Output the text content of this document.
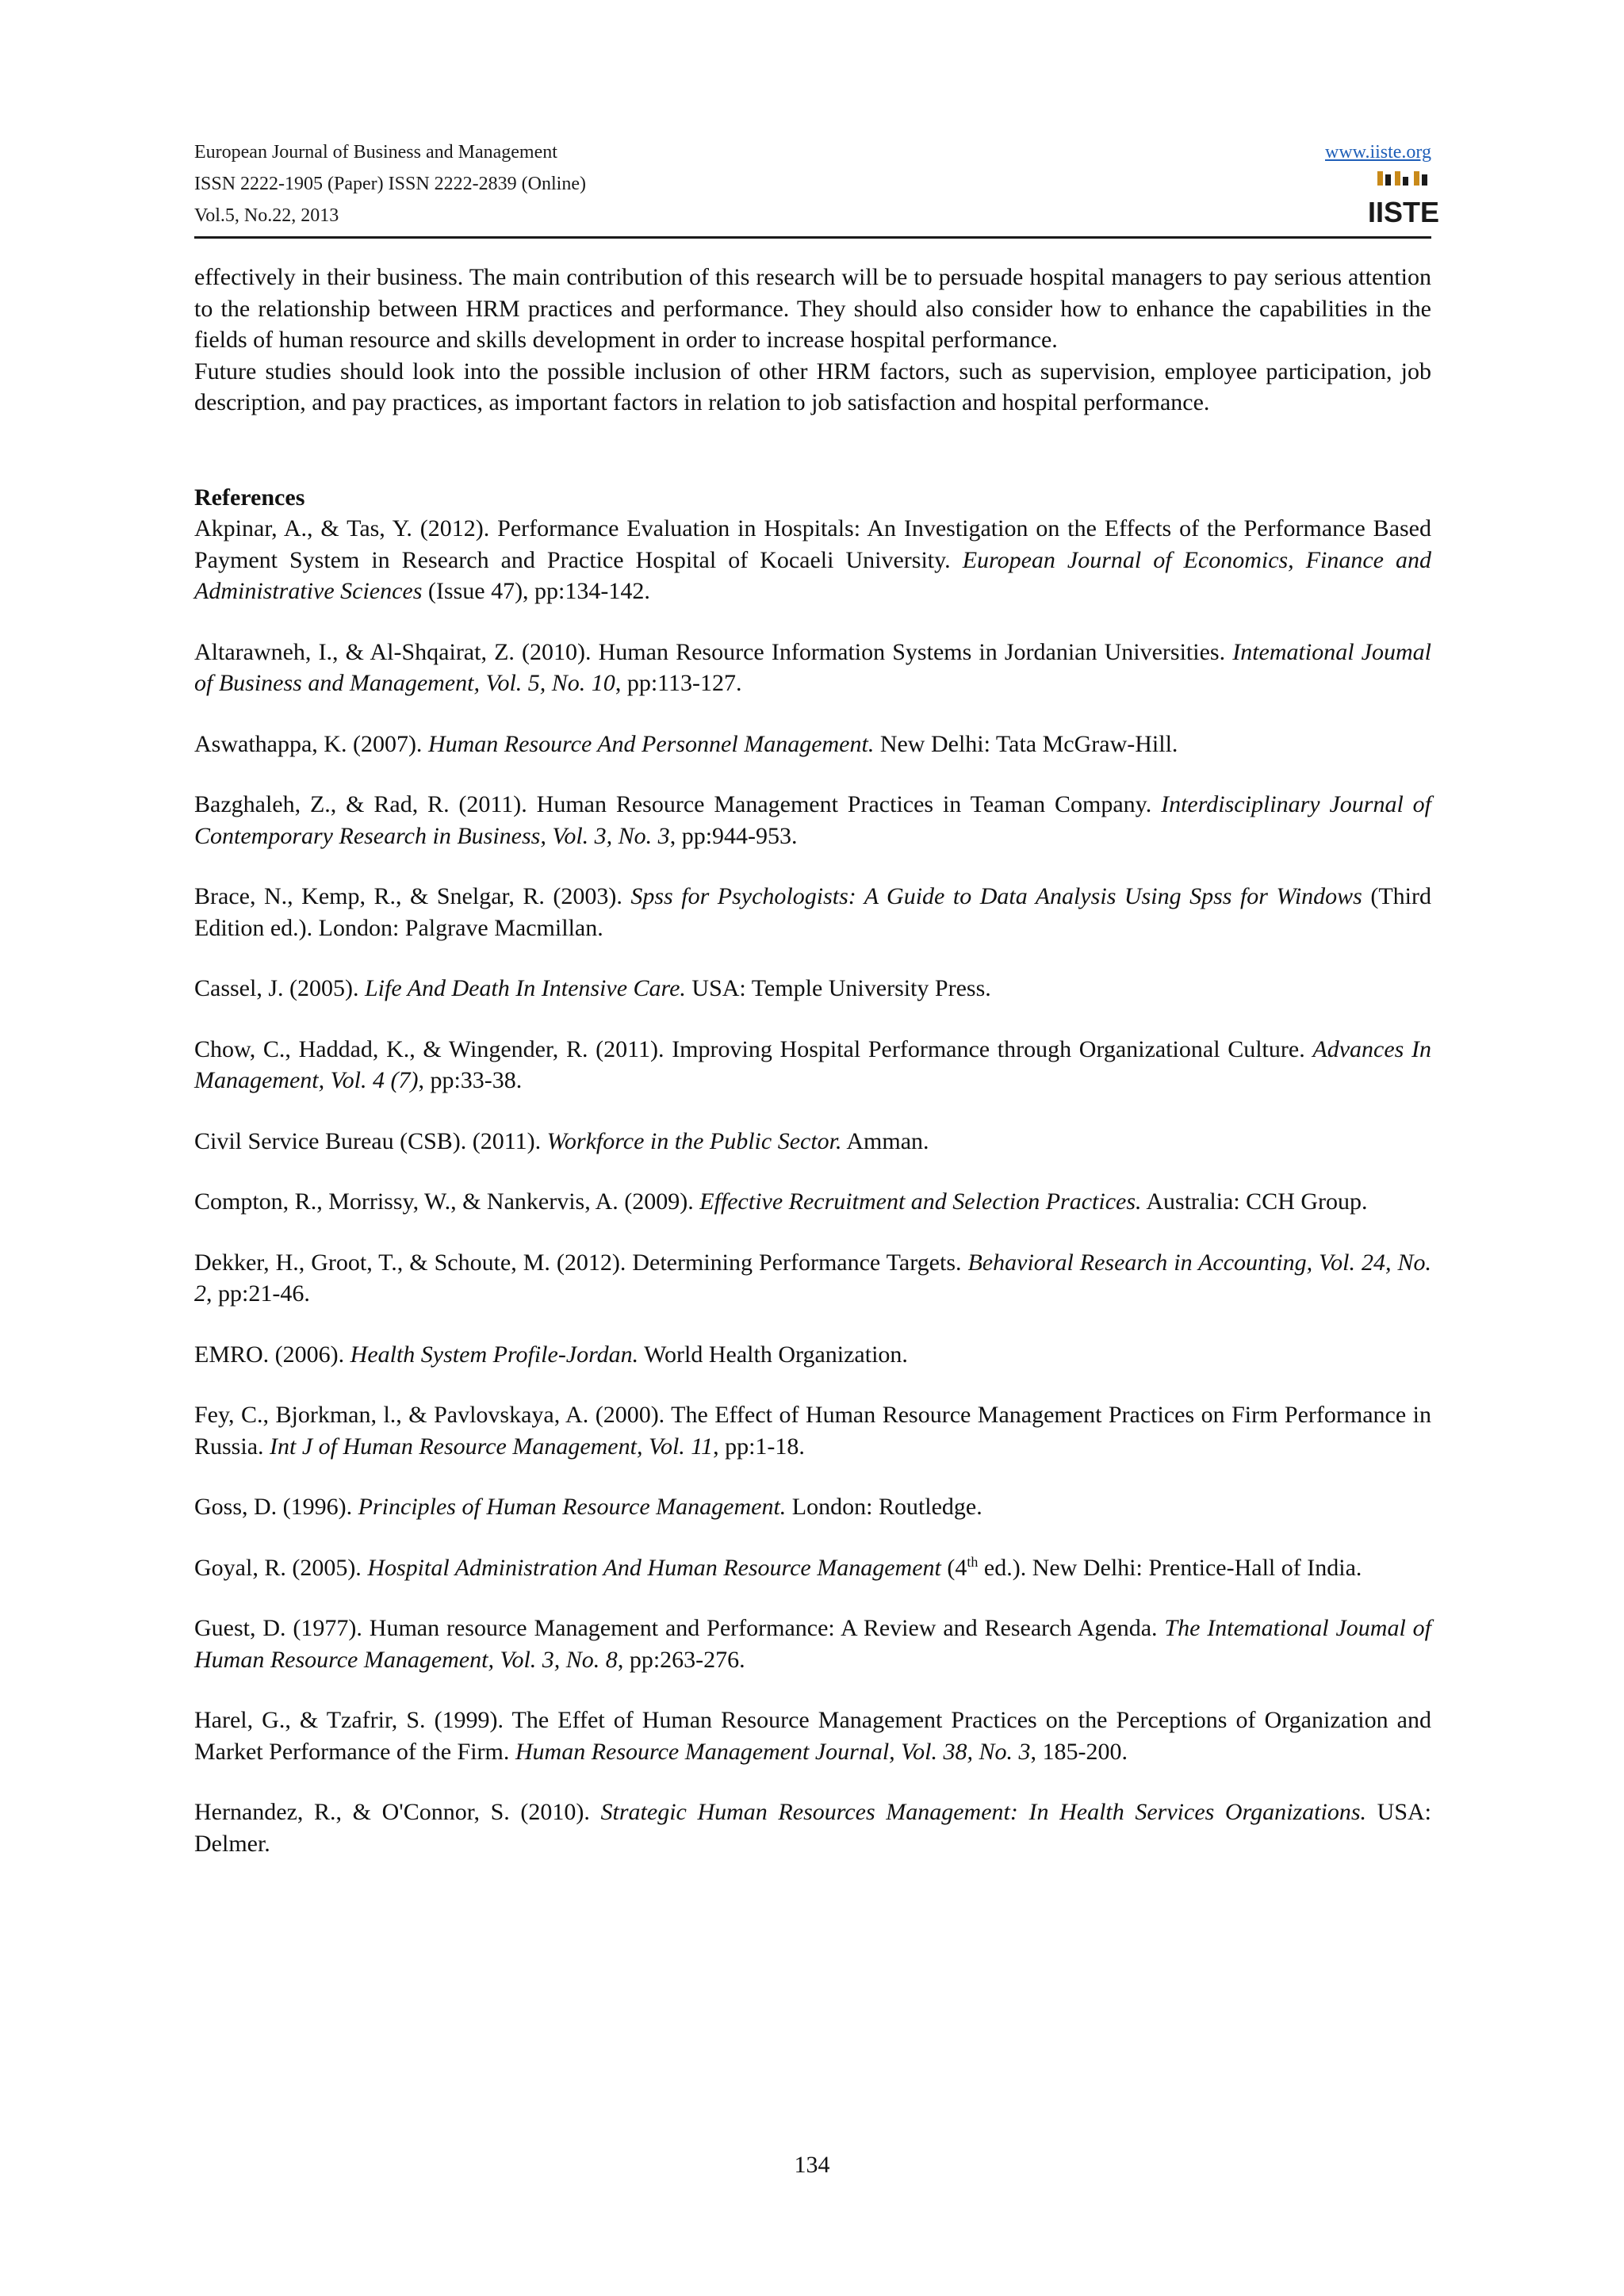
European Journal of Business and Management
ISSN 2222-1905 (Paper) ISSN 2222-2839 (Online)
Vol.5, No.22, 2013
www.iiste.org
IISTE

effectively in their business. The main contribution of this research will be to persuade hospital managers to pay serious attention to the relationship between HRM practices and performance. They should also consider how to enhance the capabilities in the fields of human resource and skills development in order to increase hospital performance.

Future studies should look into the possible inclusion of other HRM factors, such as supervision, employee participation, job description, and pay practices, as important factors in relation to job satisfaction and hospital performance.

References

Akpinar, A., & Tas, Y. (2012). Performance Evaluation in Hospitals: An Investigation on the Effects of the Performance Based Payment System in Research and Practice Hospital of Kocaeli University. European Journal of Economics, Finance and Administrative Sciences (Issue 47), pp:134-142.

Altarawneh, I., & Al-Shqairat, Z. (2010). Human Resource Information Systems in Jordanian Universities. Intemational Joumal of Business and Management, Vol. 5, No. 10, pp:113-127.

Aswathappa, K. (2007). Human Resource And Personnel Management. New Delhi: Tata McGraw-Hill.

Bazghaleh, Z., & Rad, R. (2011). Human Resource Management Practices in Teaman Company. Interdisciplinary Journal of Contemporary Research in Business, Vol. 3, No. 3, pp:944-953.

Brace, N., Kemp, R., & Snelgar, R. (2003). Spss for Psychologists: A Guide to Data Analysis Using Spss for Windows (Third Edition ed.). London: Palgrave Macmillan.

Cassel, J. (2005). Life And Death In Intensive Care. USA: Temple University Press.

Chow, C., Haddad, K., & Wingender, R. (2011). Improving Hospital Performance through Organizational Culture. Advances In Management, Vol. 4 (7), pp:33-38.

Civil Service Bureau (CSB). (2011). Workforce in the Public Sector. Amman.

Compton, R., Morrissy, W., & Nankervis, A. (2009). Effective Recruitment and Selection Practices. Australia: CCH Group.

Dekker, H., Groot, T., & Schoute, M. (2012). Determining Performance Targets. Behavioral Research in Accounting, Vol. 24, No. 2, pp:21-46.

EMRO. (2006). Health System Profile-Jordan. World Health Organization.

Fey, C., Bjorkman, l., & Pavlovskaya, A. (2000). The Effect of Human Resource Management Practices on Firm Performance in Russia. Int J of Human Resource Management, Vol. 11, pp:1-18.

Goss, D. (1996). Principles of Human Resource Management. London: Routledge.

Goyal, R. (2005). Hospital Administration And Human Resource Management (4th ed.). New Delhi: Prentice-Hall of India.

Guest, D. (1977). Human resource Management and Performance: A Review and Research Agenda. The Intemational Joumal of Human Resource Management, Vol. 3, No. 8, pp:263-276.

Harel, G., & Tzafrir, S. (1999). The Effet of Human Resource Management Practices on the Perceptions of Organization and Market Performance of the Firm. Human Resource Management Journal, Vol. 38, No. 3, 185-200.

Hernandez, R., & O'Connor, S. (2010). Strategic Human Resources Management: In Health Services Organizations. USA: Delmer.

134
